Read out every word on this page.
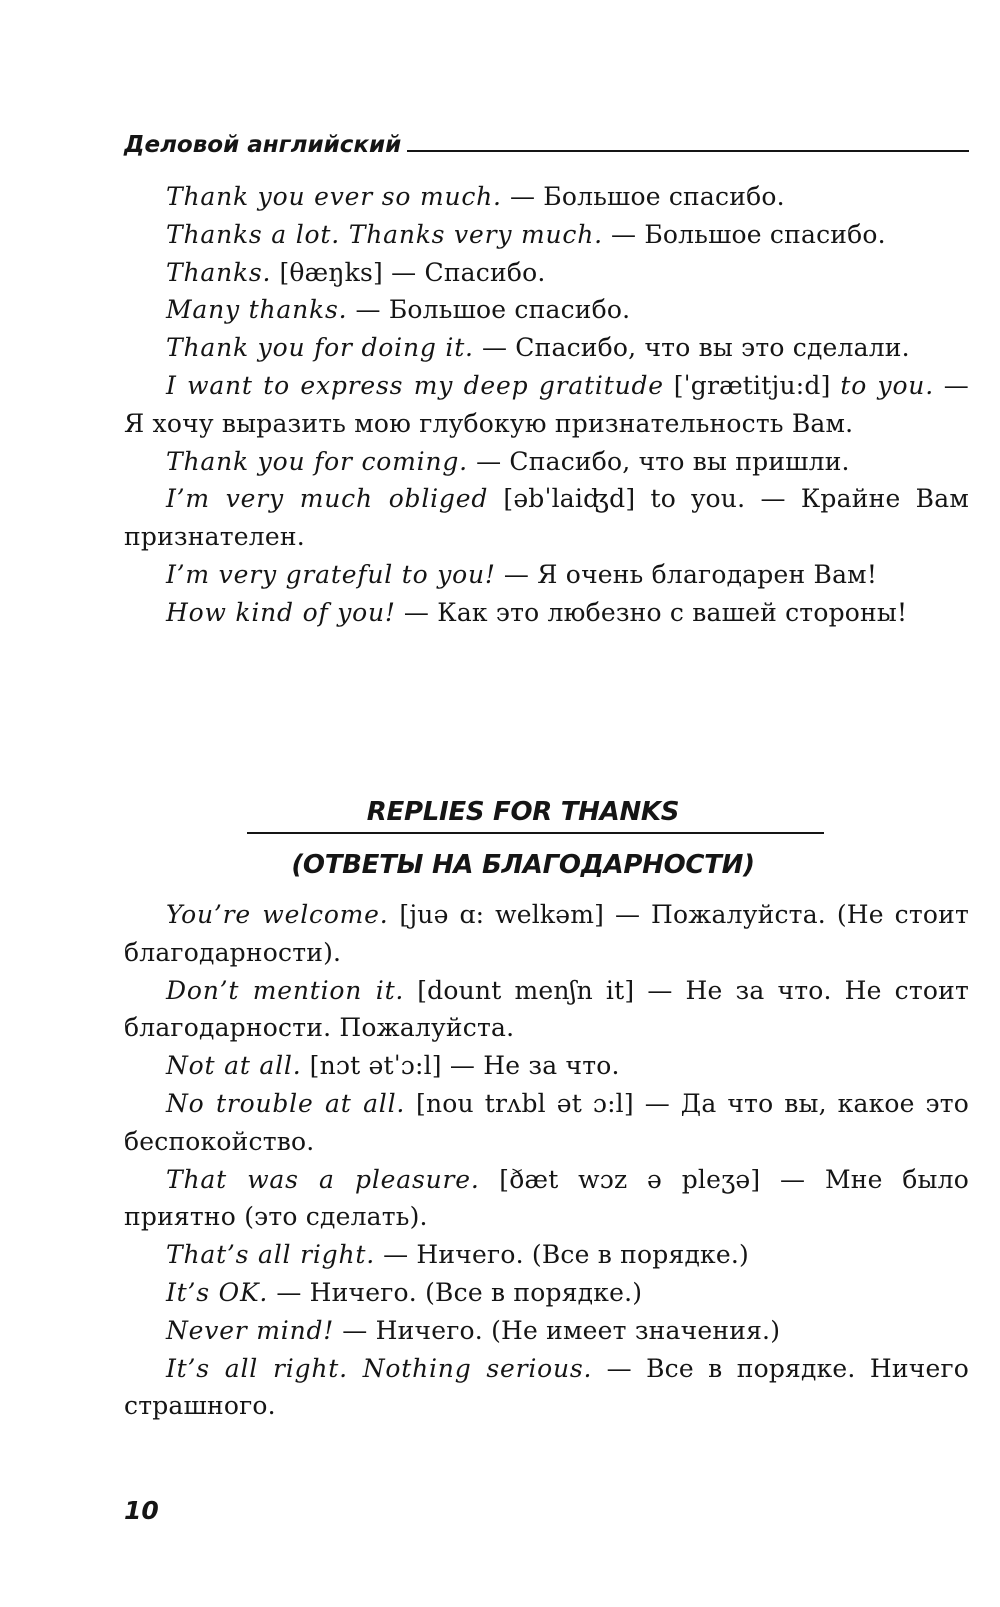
Деловой английский

Thank you ever so much. — Большое спасибо.

Thanks a lot. Thanks very much. — Большое спасибо.

Thanks. [θæŋks] — Спасибо.

Many thanks. — Большое спасибо.

Thank you for doing it. — Спасибо, что вы это сделали.

I want to express my deep gratitude [ˈgrætitju:d] to you. — Я хочу выразить мою глубокую признательность Вам.

Thank you for coming. — Спасибо, что вы пришли.

I’m very much obliged [əbˈlaiʤd] to you. — Крайне Вам признателен.

I’m very grateful to you! — Я очень благодарен Вам!

How kind of you! — Как это любезно с вашей стороны!

REPLIES FOR THANKS
(ОТВЕТЫ НА БЛАГОДАРНОСТИ)

You’re welcome. [juə ɑ: welkəm] — Пожалуйста. (Не стоит благодарности).

Don’t mention it. [dount menʃn it] — Не за что. Не стоит благодарности. Пожалуйста.

Not at all. [nɔt ətˈɔ:l] — Не за что.

No trouble at all. [nou trʌbl ət ɔ:l] — Да что вы, какое это беспокойство.

That was a pleasure. [ðæt wɔz ə pleʒə] — Мне было приятно (это сделать).

That’s all right. — Ничего. (Все в порядке.)

It’s OK. — Ничего. (Все в порядке.)

Never mind! — Ничего. (Не имеет значения.)

It’s all right. Nothing serious. — Все в порядке. Ничего страшного.

10
